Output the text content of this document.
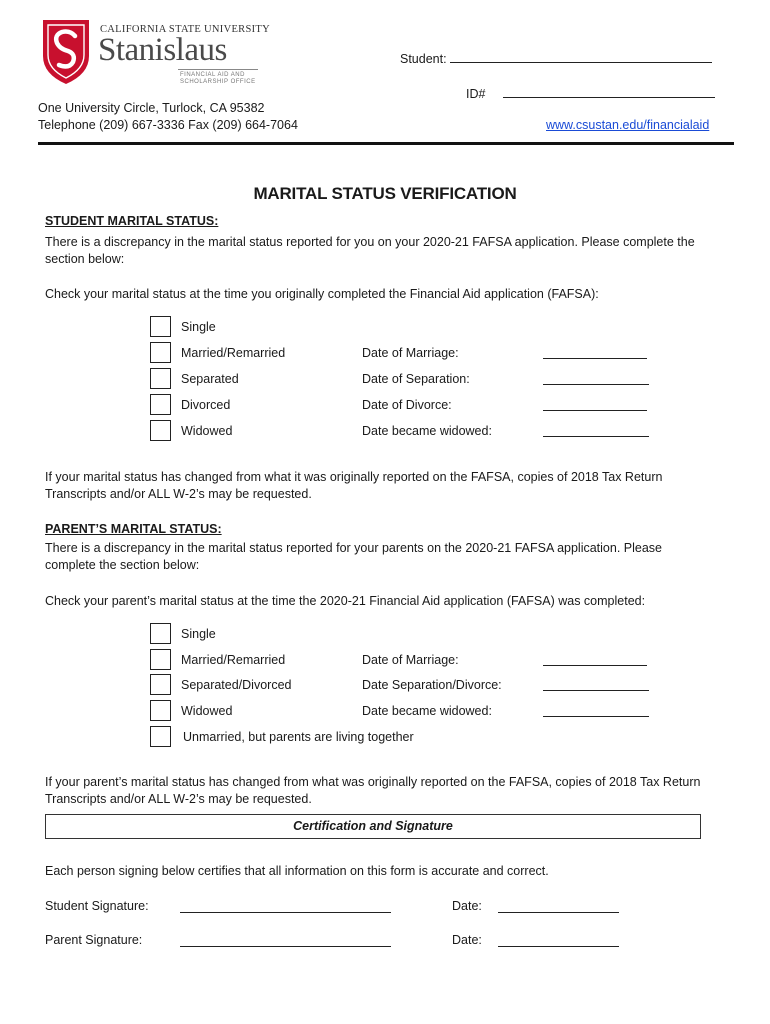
CALIFORNIA STATE UNIVERSITY
Stanislaus
FINANCIAL AID AND
SCHOLARSHIP OFFICE
One University Circle, Turlock, CA 95382
Telephone (209) 667-3336 Fax (209) 664-7064
Student:
ID#
www.csustan.edu/financialaid
MARITAL STATUS VERIFICATION
STUDENT MARITAL STATUS:
There is a discrepancy in the marital status reported for you on your 2020-21 FAFSA application. Please complete the section below:
Check your marital status at the time you originally completed the Financial Aid application (FAFSA):
Single
Married/Remarried	Date of Marriage:
Separated	Date of Separation:
Divorced	Date of Divorce:
Widowed	Date became widowed:
If your marital status has changed from what it was originally reported on the FAFSA, copies of 2018 Tax Return Transcripts and/or ALL W-2’s may be requested.
PARENT’S MARITAL STATUS:
There is a discrepancy in the marital status reported for your parents on the 2020-21 FAFSA application. Please complete the section below:
Check your parent’s marital status at the time the 2020-21 Financial Aid application (FAFSA) was completed:
Single
Married/Remarried	Date of Marriage:
Separated/Divorced	Date Separation/Divorce:
Widowed	Date became widowed:
Unmarried, but parents are living together
If your parent’s marital status has changed from what was originally reported on the FAFSA, copies of 2018 Tax Return Transcripts and/or ALL W-2’s may be requested.
Certification and Signature
Each person signing below certifies that all information on this form is accurate and correct.
Student Signature:	Date:
Parent Signature:	Date:
